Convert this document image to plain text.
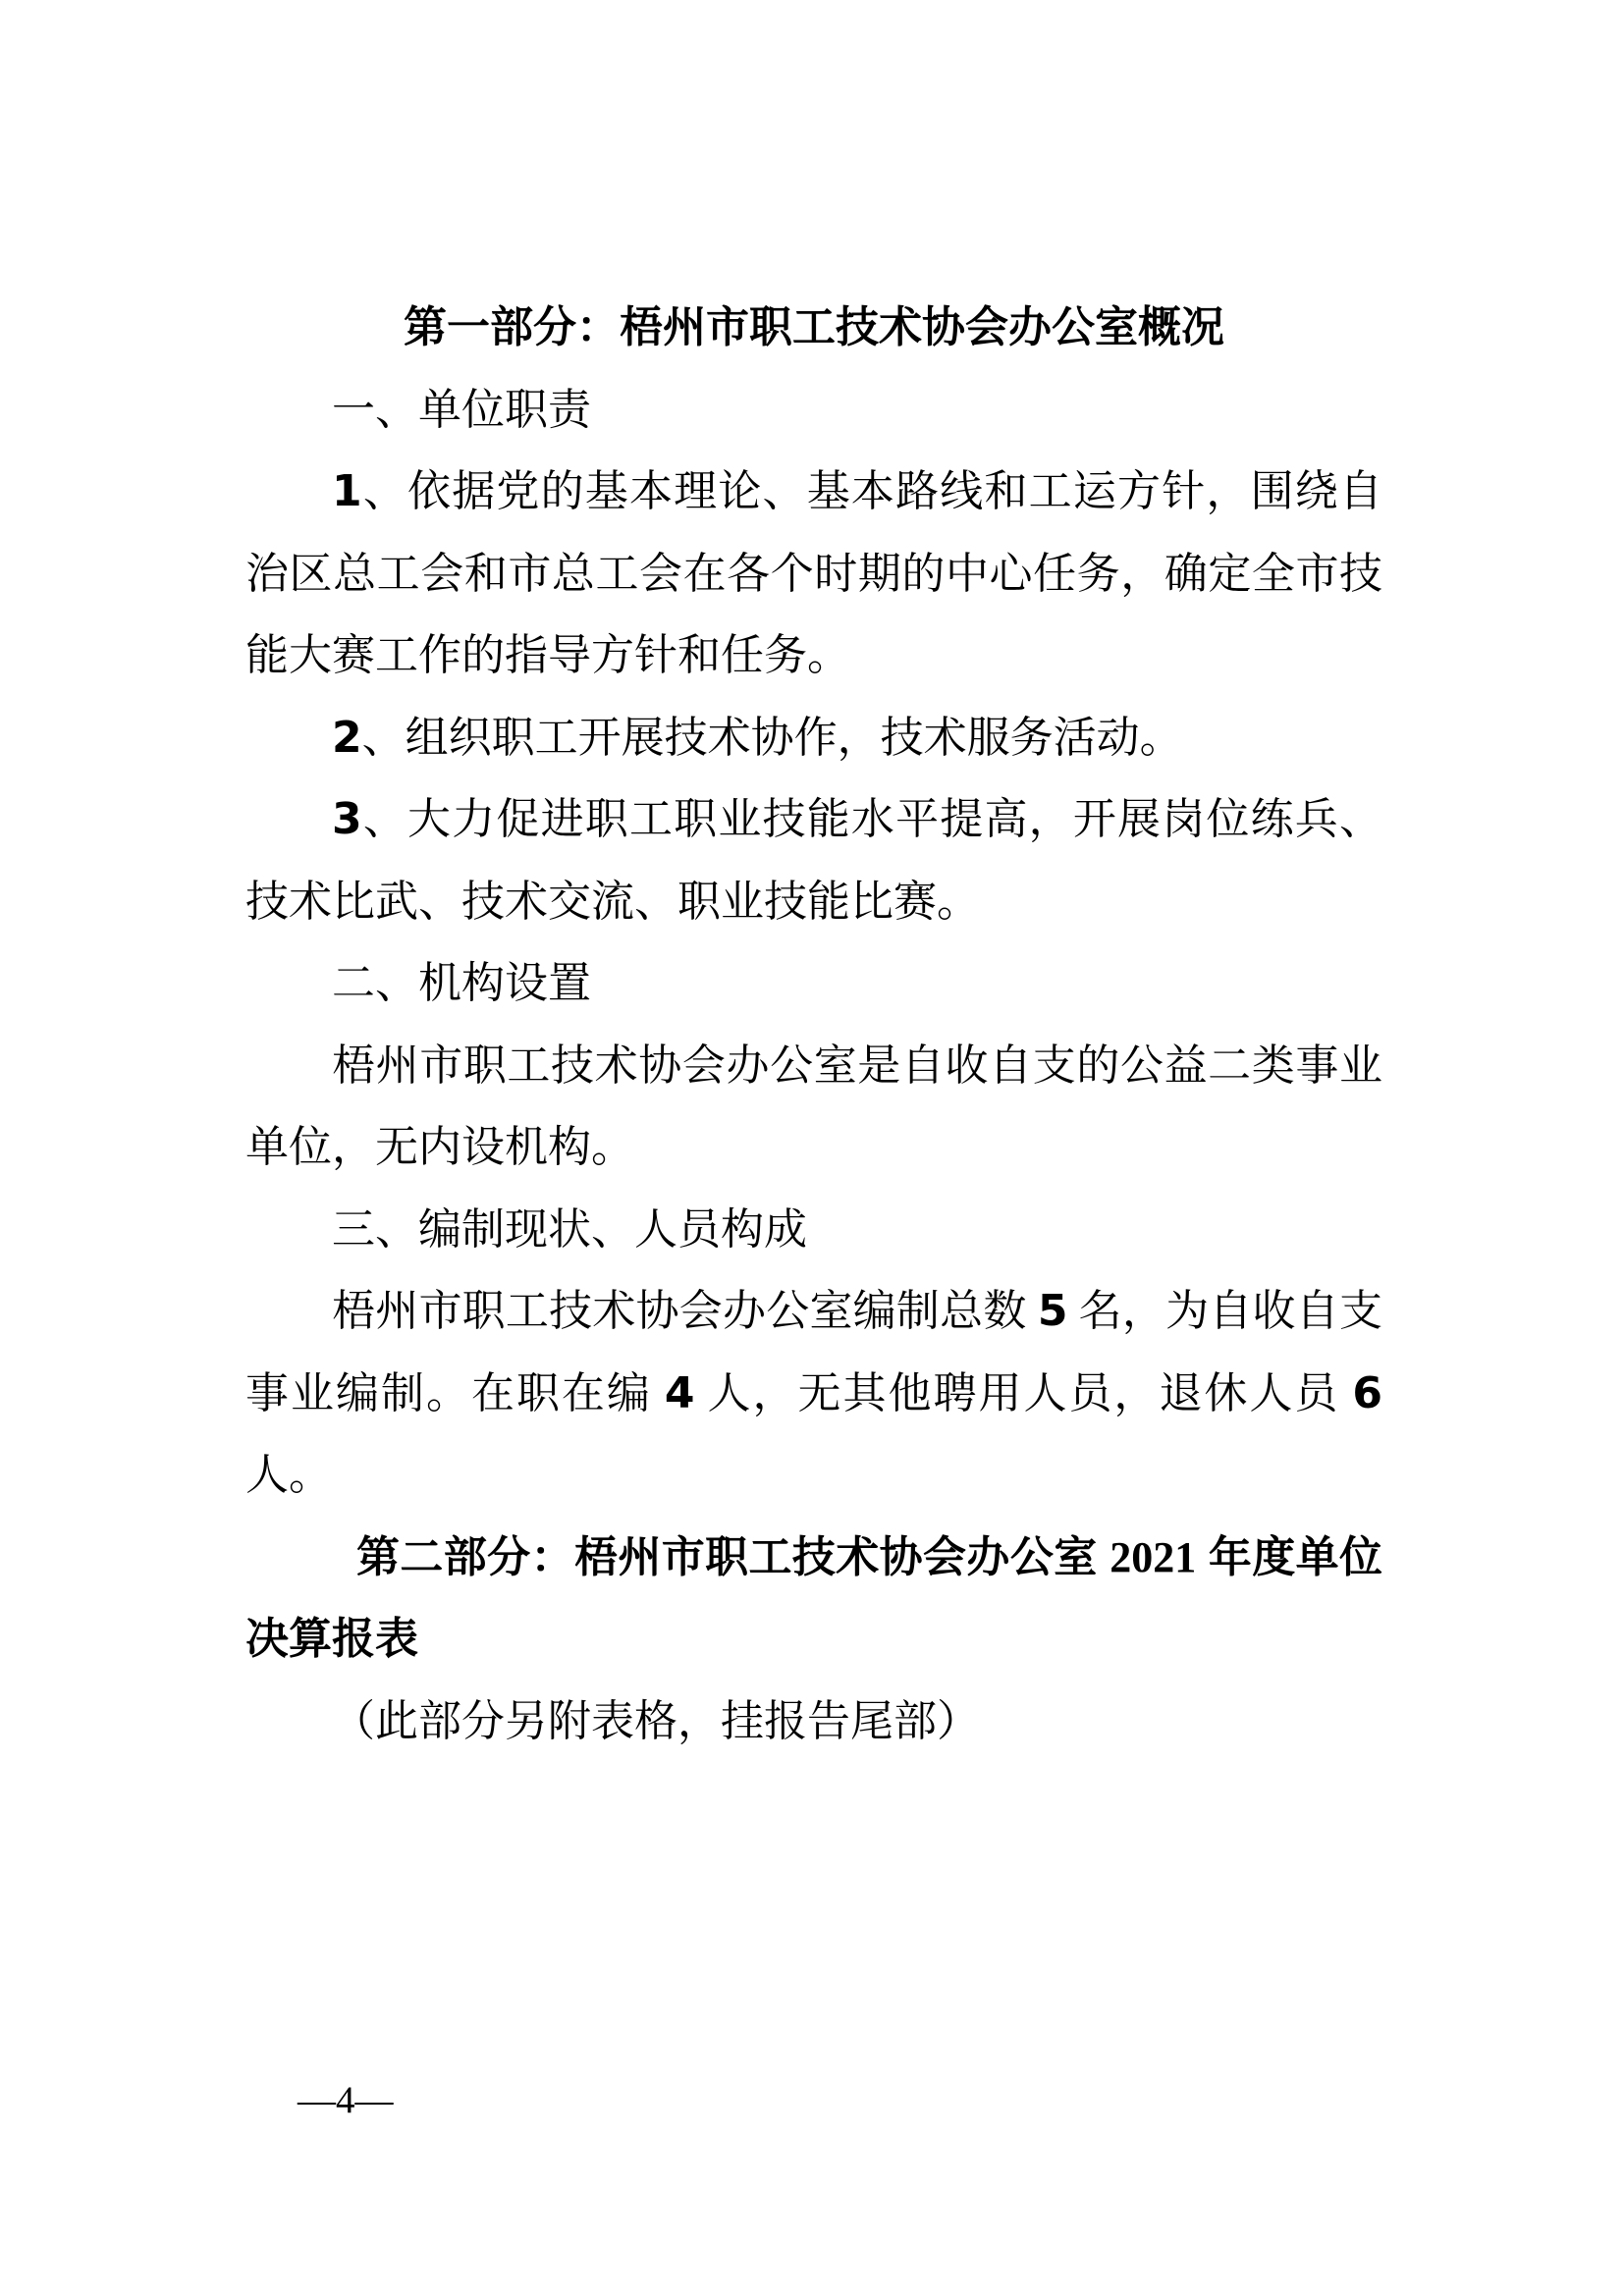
第一部分：梧州市职工技术协会办公室概况

一、单位职责

1、依据党的基本理论、基本路线和工运方针，围绕自治区总工会和市总工会在各个时期的中心任务，确定全市技能大赛工作的指导方针和任务。

2、组织职工开展技术协作，技术服务活动。

3、大力促进职工职业技能水平提高，开展岗位练兵、技术比武、技术交流、职业技能比赛。

二、机构设置

梧州市职工技术协会办公室是自收自支的公益二类事业单位，无内设机构。

三、编制现状、人员构成

梧州市职工技术协会办公室编制总数 5 名，为自收自支事业编制。在职在编 4 人，无其他聘用人员，退休人员 6 人。

第二部分：梧州市职工技术协会办公室 2021 年度单位决算报表

（此部分另附表格，挂报告尾部）

—4—
